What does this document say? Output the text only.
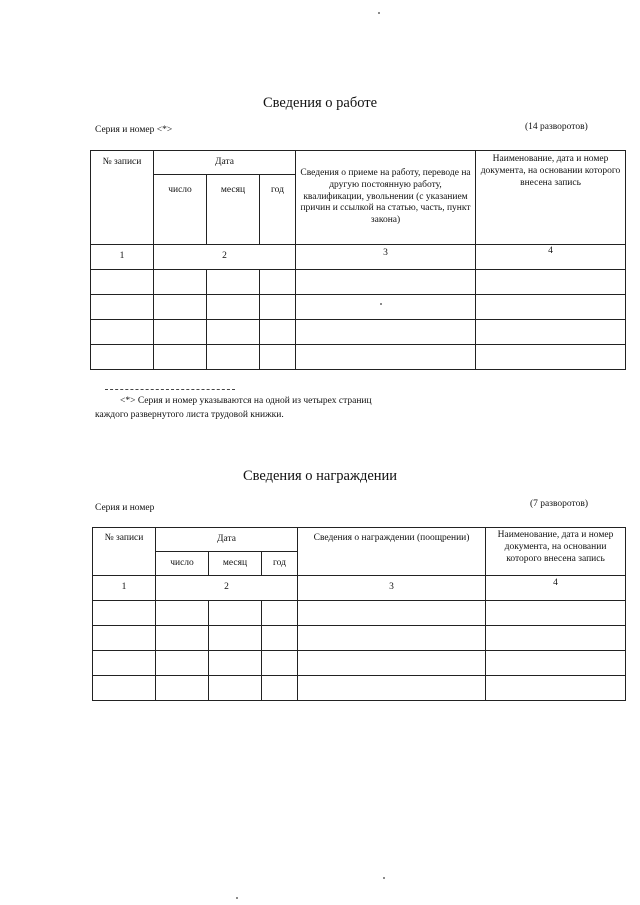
Сведения о работе
Серия и номер <*>	(14 разворотов)
№ записи	Дата			Сведения о приеме на работу, переводе на другую постоянную работу, квалификации, увольнении (с указанием причин и ссылкой на статью, часть, пункт закона)	Наименование, дата и номер документа, на основании которого внесена запись

	число	месяц	год		

1	2			3	4

<*> Серия и номер указываются на одной из четырех страниц
каждого развернутого листа трудовой книжки.
Сведения о награждении
Серия и номер	(7 разворотов)
№ записи	Дата			Сведения о награждении (поощрении)	Наименование, дата и номер документа, на основании которого внесена запись

	число	месяц	год		
1	2			3	4
